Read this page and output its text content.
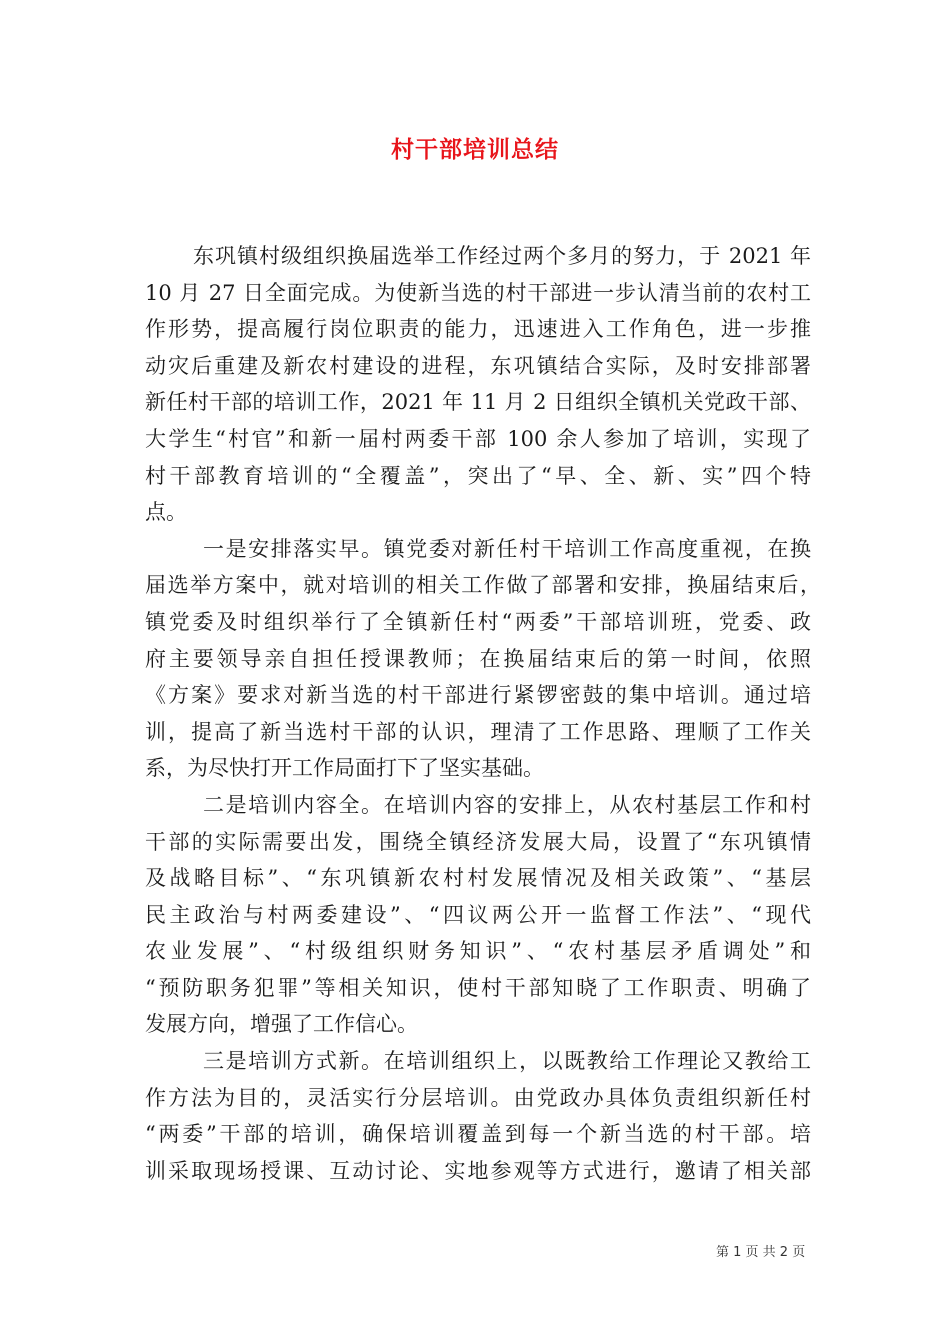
村干部培训总结
东巩镇村级组织换届选举工作经过两个多月的努力，于 2021 年
10 月 27 日全面完成。为使新当选的村干部进一步认清当前的农村工
作形势，提高履行岗位职责的能力，迅速进入工作角色，进一步推
动灾后重建及新农村建设的进程，东巩镇结合实际，及时安排部署
新任村干部的培训工作，2021 年 11 月 2 日组织全镇机关党政干部、
大学生“村官”和新一届村两委干部 100 余人参加了培训，实现了
村干部教育培训的“全覆盖”，突出了“早、全、新、实”四个特
点。
一是安排落实早。镇党委对新任村干培训工作高度重视，在换
届选举方案中，就对培训的相关工作做了部署和安排，换届结束后，
镇党委及时组织举行了全镇新任村“两委”干部培训班，党委、政
府主要领导亲自担任授课教师；在换届结束后的第一时间，依照
《方案》要求对新当选的村干部进行紧锣密鼓的集中培训。通过培
训，提高了新当选村干部的认识，理清了工作思路、理顺了工作关
系，为尽快打开工作局面打下了坚实基础。
二是培训内容全。在培训内容的安排上，从农村基层工作和村
干部的实际需要出发，围绕全镇经济发展大局，设置了“东巩镇情
及战略目标”、“东巩镇新农村村发展情况及相关政策”、“基层
民主政治与村两委建设”、“四议两公开一监督工作法”、“现代
农业发展”、“村级组织财务知识”、“农村基层矛盾调处”和
“预防职务犯罪”等相关知识，使村干部知晓了工作职责、明确了
发展方向，增强了工作信心。
三是培训方式新。在培训组织上，以既教给工作理论又教给工
作方法为目的，灵活实行分层培训。由党政办具体负责组织新任村
“两委”干部的培训，确保培训覆盖到每一个新当选的村干部。培
训采取现场授课、互动讨论、实地参观等方式进行，邀请了相关部
第 1 页 共 2 页
